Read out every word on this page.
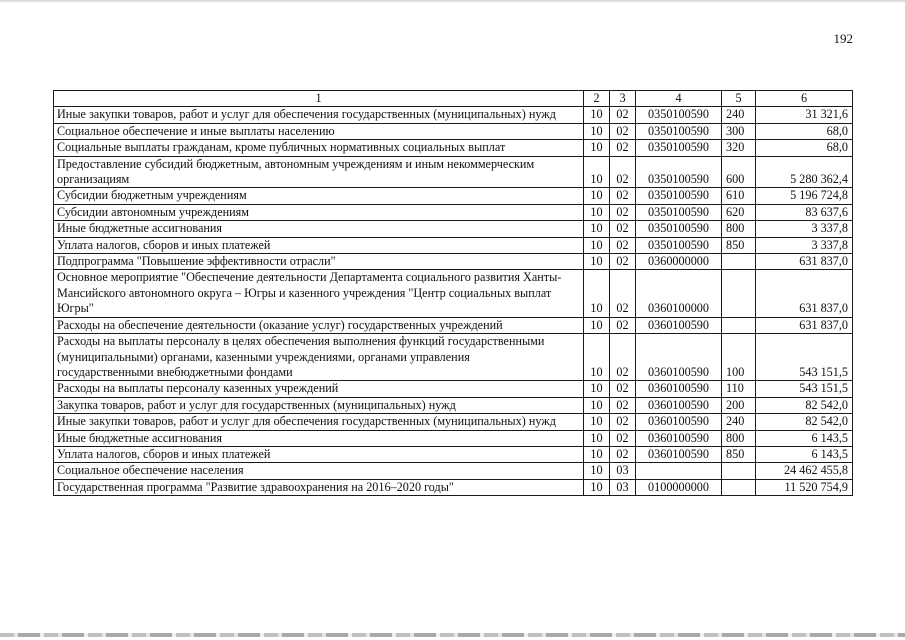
192
1	2	3	4	5	6
Иные закупки товаров, работ и услуг для обеспечения государственных (муниципальных) нужд	10	02	0350100590	240	31 321,6
Социальное обеспечение и иные выплаты населению	10	02	0350100590	300	68,0
Социальные выплаты гражданам, кроме публичных нормативных социальных выплат	10	02	0350100590	320	68,0
Предоставление субсидий бюджетным, автономным учреждениям и иным некоммерческим организациям	10	02	0350100590	600	5 280 362,4
Субсидии бюджетным учреждениям	10	02	0350100590	610	5 196 724,8
Субсидии автономным учреждениям	10	02	0350100590	620	83 637,6
Иные бюджетные ассигнования	10	02	0350100590	800	3 337,8
Уплата налогов, сборов и иных платежей	10	02	0350100590	850	3 337,8
Подпрограмма "Повышение эффективности отрасли"	10	02	0360000000		631 837,0
Основное мероприятие "Обеспечение деятельности Департамента социального развития Ханты-Мансийского автономного округа – Югры и казенного учреждения "Центр социальных выплат Югры"	10	02	0360100000		631 837,0
Расходы на обеспечение деятельности (оказание услуг) государственных учреждений	10	02	0360100590		631 837,0
Расходы на выплаты персоналу в целях обеспечения выполнения функций государственными (муниципальными) органами, казенными учреждениями, органами управления государственными внебюджетными фондами	10	02	0360100590	100	543 151,5
Расходы на выплаты персоналу казенных учреждений	10	02	0360100590	110	543 151,5
Закупка товаров, работ и услуг для государственных (муниципальных) нужд	10	02	0360100590	200	82 542,0
Иные закупки товаров, работ и услуг для обеспечения государственных (муниципальных) нужд	10	02	0360100590	240	82 542,0
Иные бюджетные ассигнования	10	02	0360100590	800	6 143,5
Уплата налогов, сборов и иных платежей	10	02	0360100590	850	6 143,5
Социальное обеспечение населения	10	03			24 462 455,8
Государственная программа "Развитие здравоохранения на 2016–2020 годы"	10	03	0100000000		11 520 754,9
